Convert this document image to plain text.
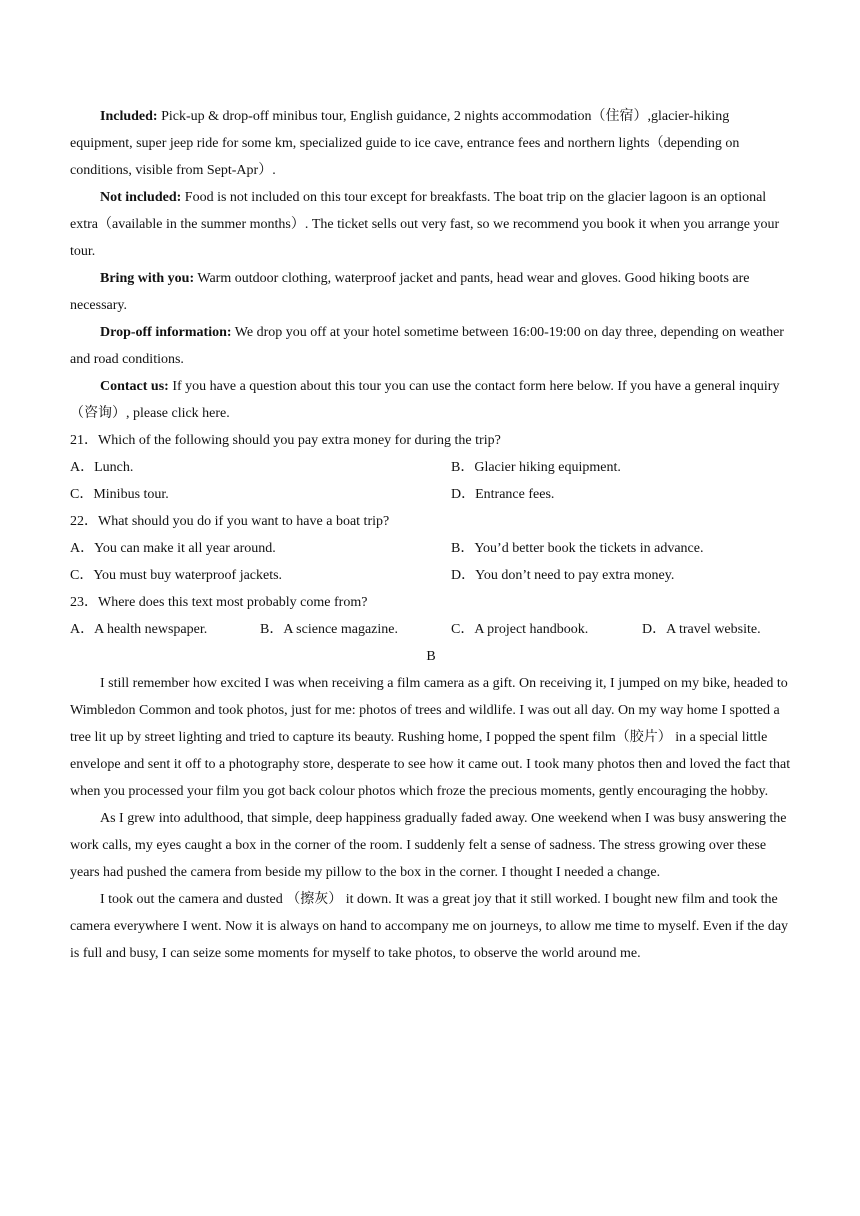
Included: Pick-up & drop-off minibus tour, English guidance, 2 nights accommodation（住宿）,glacier-hiking equipment, super jeep ride for some km, specialized guide to ice cave, entrance fees and northern lights（depending on conditions, visible from Sept-Apr）.

Not included: Food is not included on this tour except for breakfasts. The boat trip on the glacier lagoon is an optional extra（available in the summer months）. The ticket sells out very fast, so we recommend you book it when you arrange your tour.

Bring with you: Warm outdoor clothing, waterproof jacket and pants, head wear and gloves. Good hiking boots are necessary.

Drop-off information: We drop you off at your hotel sometime between 16:00-19:00 on day three, depending on weather and road conditions.

Contact us: If you have a question about this tour you can use the contact form here below. If you have a general inquiry（咨询）, please click here.

21．Which of the following should you pay extra money for during the trip?

A．Lunch.	B．Glacier hiking equipment.
C．Minibus tour.	D．Entrance fees.

22．What should you do if you want to have a boat trip?

A．You can make it all year around.	B．You’d better book the tickets in advance.
C．You must buy waterproof jackets.	D．You don’t need to pay extra money.

23．Where does this text most probably come from?

A．A health newspaper.	B．A science magazine.	C．A project handbook.	D．A travel website.

B

I still remember how excited I was when receiving a film camera as a gift. On receiving it, I jumped on my bike, headed to Wimbledon Common and took photos, just for me: photos of trees and wildlife. I was out all day. On my way home I spotted a tree lit up by street lighting and tried to capture its beauty. Rushing home, I popped the spent film（胶片） in a special little envelope and sent it off to a photography store, desperate to see how it came out. I took many photos then and loved the fact that when you processed your film you got back colour photos which froze the precious moments, gently encouraging the hobby.

As I grew into adulthood, that simple, deep happiness gradually faded away. One weekend when I was busy answering the work calls, my eyes caught a box in the corner of the room. I suddenly felt a sense of sadness. The stress growing over these years had pushed the camera from beside my pillow to the box in the corner. I thought I needed a change.

I took out the camera and dusted （擦灰） it down. It was a great joy that it still worked. I bought new film and took the camera everywhere I went. Now it is always on hand to accompany me on journeys, to allow me time to myself. Even if the day is full and busy, I can seize some moments for myself to take photos, to observe the world around me.
